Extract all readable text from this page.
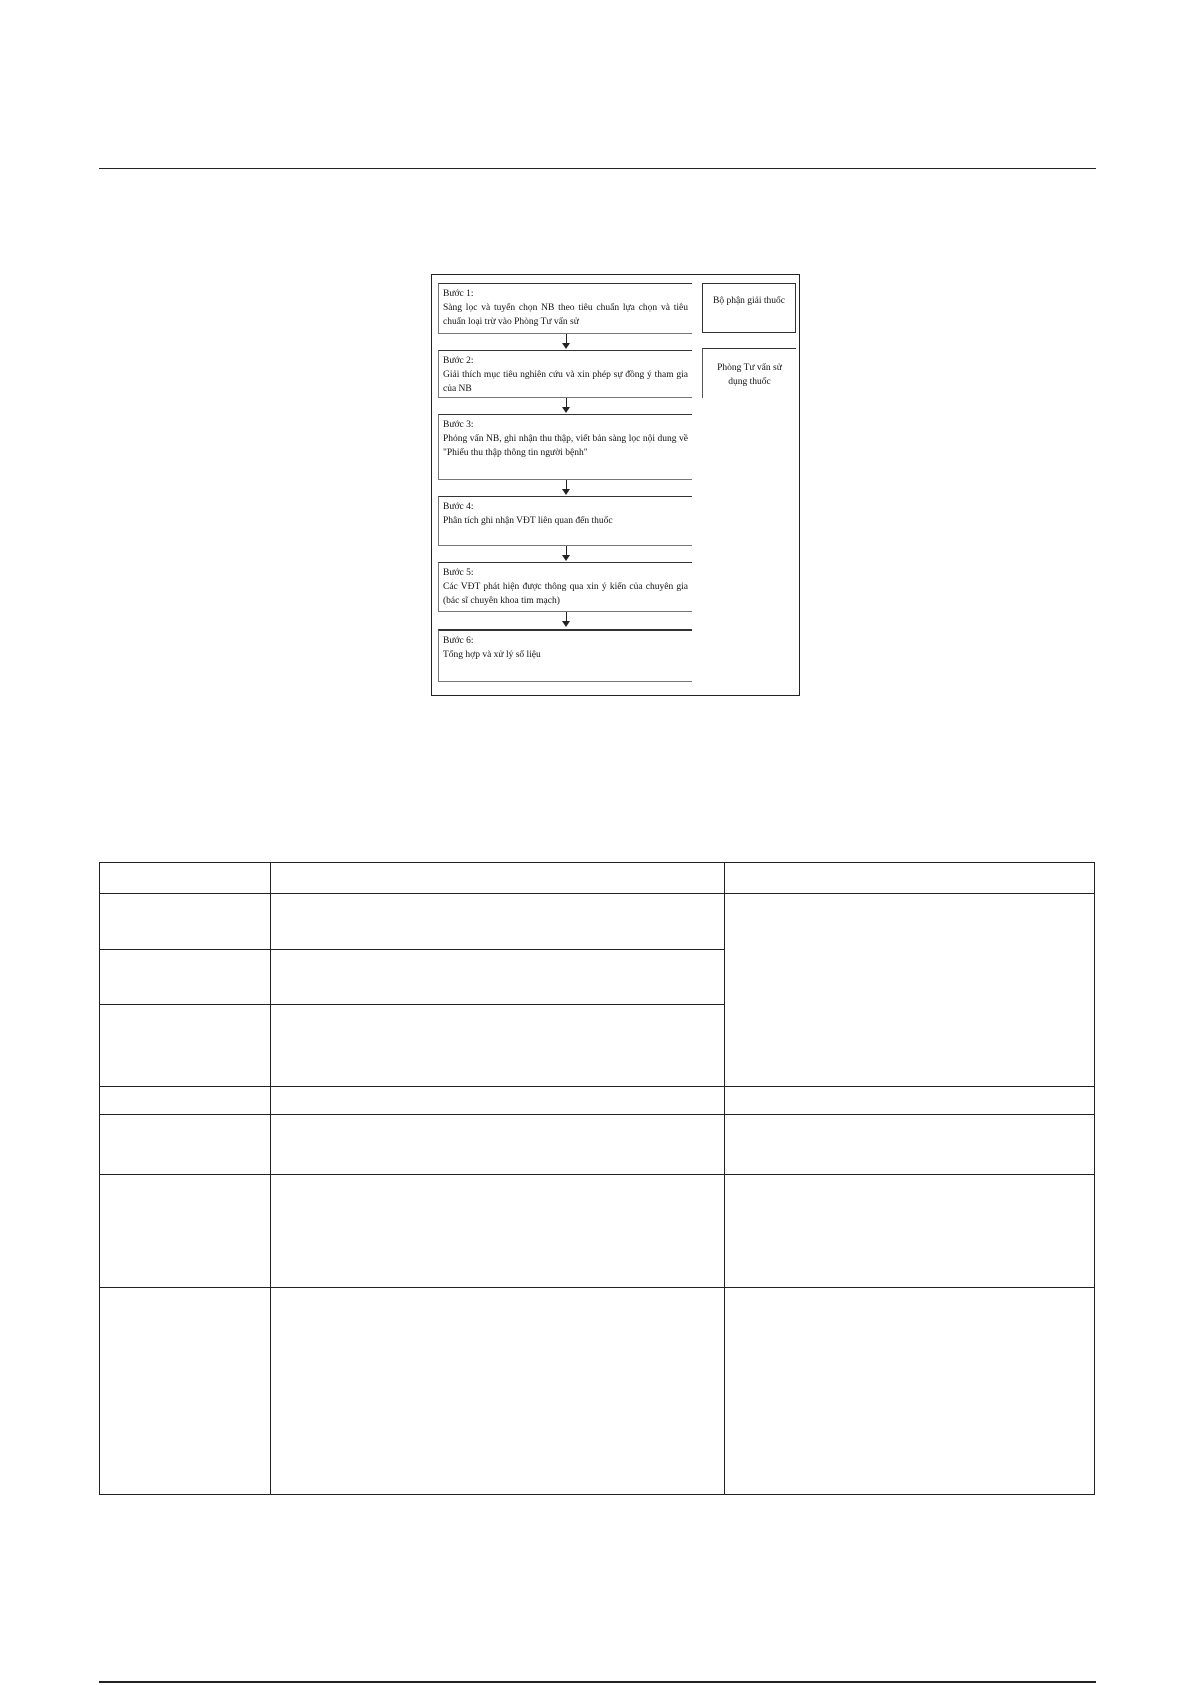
Bước 1:
Sàng lọc và tuyển chọn NB theo tiêu chuẩn lựa chọn và tiêu chuẩn loại trừ vào Phòng Tư vấn sử
Bước 2:
Giải thích mục tiêu nghiên cứu và xin phép sự đồng ý tham gia của NB
Bước 3:
Phỏng vấn NB, ghi nhận thu thập, viết bản sàng lọc nội dung về "Phiếu thu thập thông tin người bệnh"
Bước 4:
Phân tích ghi nhận VĐT liên quan đến thuốc
Bước 5:
Các VĐT phát hiện được thông qua xin ý kiến của chuyên gia (bác sĩ chuyên khoa tim mạch)
Bước 6:
Tổng hợp và xử lý số liệu
Bộ phận giải thuốc
Phòng Tư vấn sử dụng thuốc
